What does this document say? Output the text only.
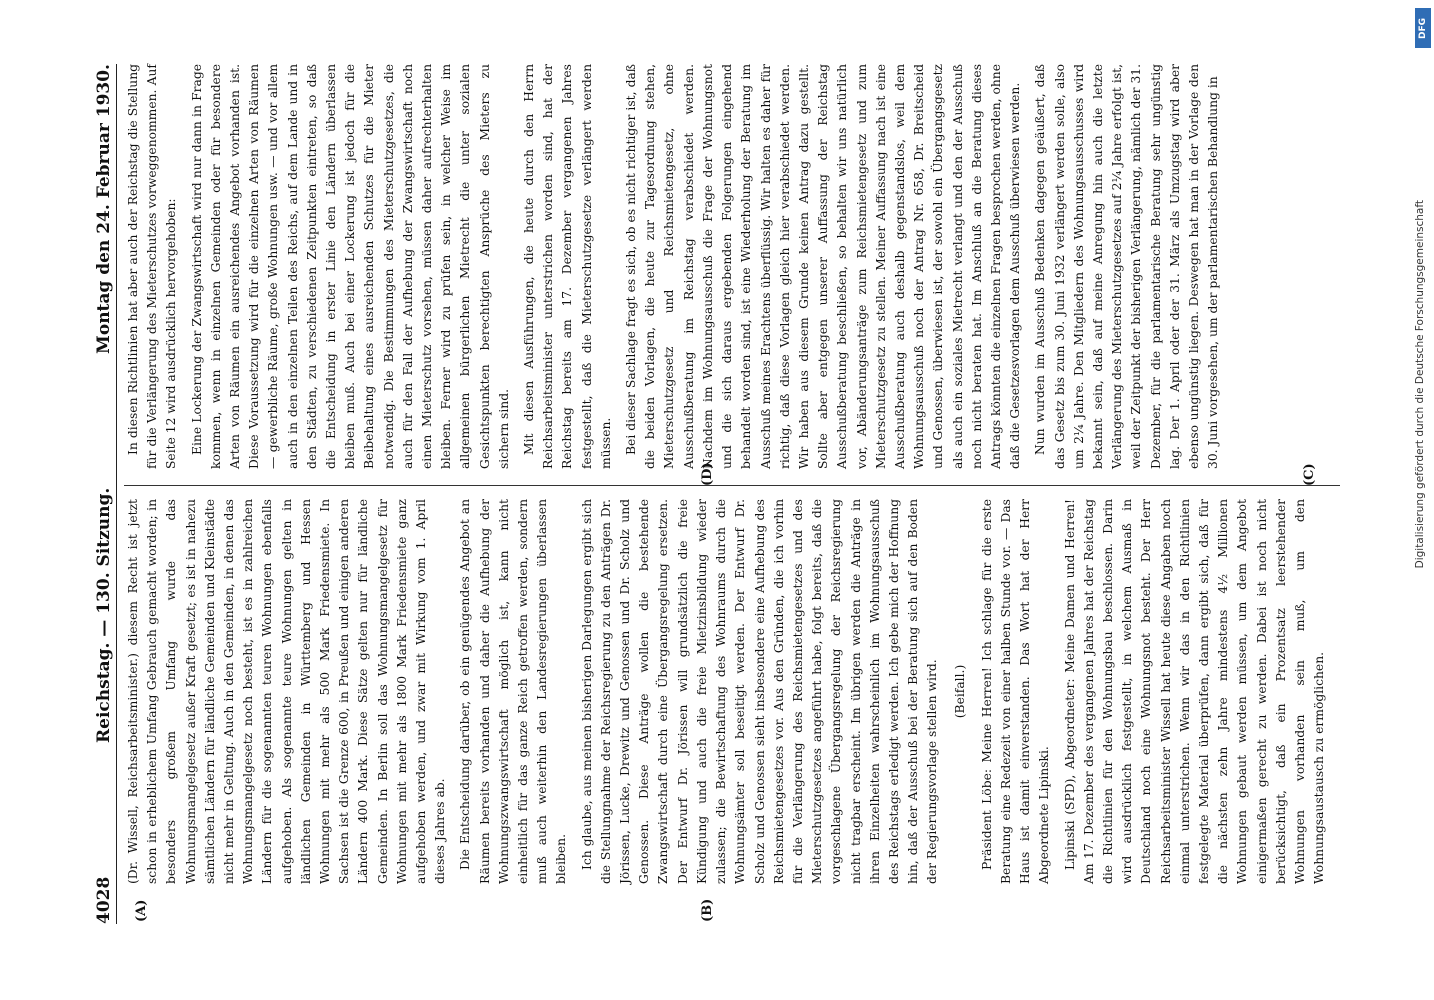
4028
Reichstag. — 130. Sitzung.
Montag den 24. Februar 1930.
(A)	(B)
(D)	(C)

(Dr. Wissell, Reichsarbeitsminister.) diesem Recht ist jetzt schon in erheblichem Umfang Gebrauch gemacht worden; in besonders großem Umfang wurde das Wohnungsmangelgesetz außer Kraft gesetzt; es ist in nahezu sämtlichen Ländern für ländliche Gemeinden und Kleinstädte nicht mehr in Geltung. Auch in den Gemeinden, in denen das Wohnungsmangelgesetz noch besteht, ist es in zahlreichen Ländern für die sogenannten teuren Wohnungen ebenfalls aufgehoben. Als sogenannte teure Wohnungen gelten in ländlichen Gemeinden in Württemberg und Hessen Wohnungen mit mehr als 500 Mark Friedensmiete. In Sachsen ist die Grenze 600, in Preußen und einigen anderen Ländern 400 Mark. Diese Sätze gelten nur für ländliche Gemeinden. In Berlin soll das Wohnungsmangelgesetz für Wohnungen mit mehr als 1800 Mark Friedensmiete ganz aufgehoben werden, und zwar mit Wirkung vom 1. April dieses Jahres ab. Die Entscheidung darüber, ob ein genügendes Angebot an Räumen bereits vorhanden und daher die Aufhebung der Wohnungszwangswirtschaft möglich ist, kann nicht einheitlich für das ganze Reich getroffen werden, sondern muß auch weiterhin den Landesregierungen überlassen bleiben. Ich glaube, aus meinen bisherigen Darlegungen ergibt sich die Stellungnahme der Reichsregierung zu den Anträgen Dr. Jörissen, Lucke, Drewitz und Genossen und Dr. Scholz und Genossen. Diese Anträge wollen die bestehende Zwangswirtschaft durch eine Übergangsregelung ersetzen. Der Entwurf Dr. Jörissen will grundsätzlich die freie Kündigung und auch die freie Mietzinsbildung wieder zulassen; die Bewirtschaftung des Wohnraums durch die Wohnungsämter soll beseitigt werden. Der Entwurf Dr. Scholz und Genossen sieht insbesondere eine Aufhebung des Reichsmietengesetzes vor. Aus den Gründen, die ich vorhin für die Verlängerung des Reichsmietengesetzes und des Mieterschutzgesetzes angeführt habe, folgt bereits, daß die vorgeschlagene Übergangsregelung der Reichsregierung nicht tragbar erscheint. Im übrigen werden die Anträge in ihren Einzelheiten wahrscheinlich im Wohnungsausschuß des Reichstags erledigt werden. Ich gebe mich der Hoffnung hin, daß der Ausschuß bei der Beratung sich auf den Boden der Regierungsvorlage stellen wird. (Beifall.) Präsident Löbe: Meine Herren! Ich schlage für die erste Beratung eine Redezeit von einer halben Stunde vor. — Das Haus ist damit einverstanden. Das Wort hat der Herr Abgeordnete Lipinski. Lipinski (SPD), Abgeordneter: Meine Damen und Herren! Am 17. Dezember des vergangenen Jahres hat der Reichstag die Richtlinien für den Wohnungsbau beschlossen. Darin wird ausdrücklich festgestellt, in welchem Ausmaß in Deutschland noch eine Wohnungsnot besteht. Der Herr Reichsarbeitsminister Wissell hat heute diese Angaben noch einmal unterstrichen. Wenn wir das in den Richtlinien festgelegte Material überprüfen, dann ergibt sich, daß für die nächsten zehn Jahre mindestens 4½ Millionen Wohnungen gebaut werden müssen, um dem Angebot einigermaßen gerecht zu werden. Dabei ist noch nicht berücksichtigt, daß ein Prozentsatz leerstehender Wohnungen vorhanden sein muß, um den Wohnungsaustausch zu ermöglichen.

In diesen Richtlinien hat aber auch der Reichstag die Stellung für die Verlängerung des Mieterschutzes vorweggenommen. Auf Seite 12 wird ausdrücklich hervorgehoben: Eine Lockerung der Zwangswirtschaft wird nur dann in Frage kommen, wenn in einzelnen Gemeinden oder für besondere Arten von Räumen ein ausreichendes Angebot vorhanden ist. Diese Voraussetzung wird für die einzelnen Arten von Räumen — gewerbliche Räume, große Wohnungen usw. — und vor allem auch in den einzelnen Teilen des Reichs, auf dem Lande und in den Städten, zu verschiedenen Zeitpunkten eintreten, so daß die Entscheidung in erster Linie den Ländern überlassen bleiben muß. Auch bei einer Lockerung ist jedoch für die Beibehaltung eines ausreichenden Schutzes für die Mieter notwendig. Die Bestimmungen des Mieterschutzgesetzes, die auch für den Fall der Aufhebung der Zwangswirtschaft noch einen Mieterschutz vorsehen, müssen daher aufrechterhalten bleiben. Ferner wird zu prüfen sein, in welcher Weise im allgemeinen bürgerlichen Mietrecht die unter sozialen Gesichtspunkten berechtigten Ansprüche des Mieters zu sichern sind. Mit diesen Ausführungen, die heute durch den Herrn Reichsarbeitsminister unterstrichen worden sind, hat der Reichstag bereits am 17. Dezember vergangenen Jahres festgestellt, daß die Mieterschutzgesetze verlängert werden müssen. Bei dieser Sachlage fragt es sich, ob es nicht richtiger ist, daß die beiden Vorlagen, die heute zur Tagesordnung stehen, Mieterschutzgesetz und Reichsmietengesetz, ohne Ausschußberatung im Reichstag verabschiedet werden. Nachdem im Wohnungsausschuß die Frage der Wohnungsnot und die sich daraus ergebenden Folgerungen eingehend behandelt worden sind, ist eine Wiederholung der Beratung im Ausschuß meines Erachtens überflüssig. Wir halten es daher für richtig, daß diese Vorlagen gleich hier verabschiedet werden. Wir haben aus diesem Grunde keinen Antrag dazu gestellt. Sollte aber entgegen unserer Auffassung der Reichstag Ausschußberatung beschließen, so behalten wir uns natürlich vor, Abänderungsanträge zum Reichsmietengesetz und zum Mieterschutzgesetz zu stellen. Meiner Auffassung nach ist eine Ausschußberatung auch deshalb gegenstandslos, weil dem Wohnungsausschuß noch der Antrag Nr. 658, Dr. Breitscheid und Genossen, überwiesen ist, der sowohl ein Übergangsgesetz als auch ein soziales Mietrecht verlangt und den der Ausschuß noch nicht beraten hat. Im Anschluß an die Beratung dieses Antrags könnten die einzelnen Fragen besprochen werden, ohne daß die Gesetzesvorlagen dem Ausschuß überwiesen werden. Nun wurden im Ausschuß Bedenken dagegen geäußert, daß das Gesetz bis zum 30. Juni 1932 verlängert werden solle, also um 2¼ Jahre. Den Mitgliedern des Wohnungsausschusses wird bekannt sein, daß auf meine Anregung hin auch die letzte Verlängerung des Mieterschutzgesetzes auf 2¼ Jahre erfolgt ist, weil der Zeitpunkt der bisherigen Verlängerung, nämlich der 31. Dezember, für die parlamentarische Beratung sehr ungünstig lag. Der 1. April oder der 31. März als Umzugstag wird aber ebenso ungünstig liegen. Deswegen hat man in der Vorlage den 30. Juni vorgesehen, um der parlamentarischen Behandlung in

DFG
Digitalisierung gefördert durch die Deutsche Forschungsgemeinschaft
